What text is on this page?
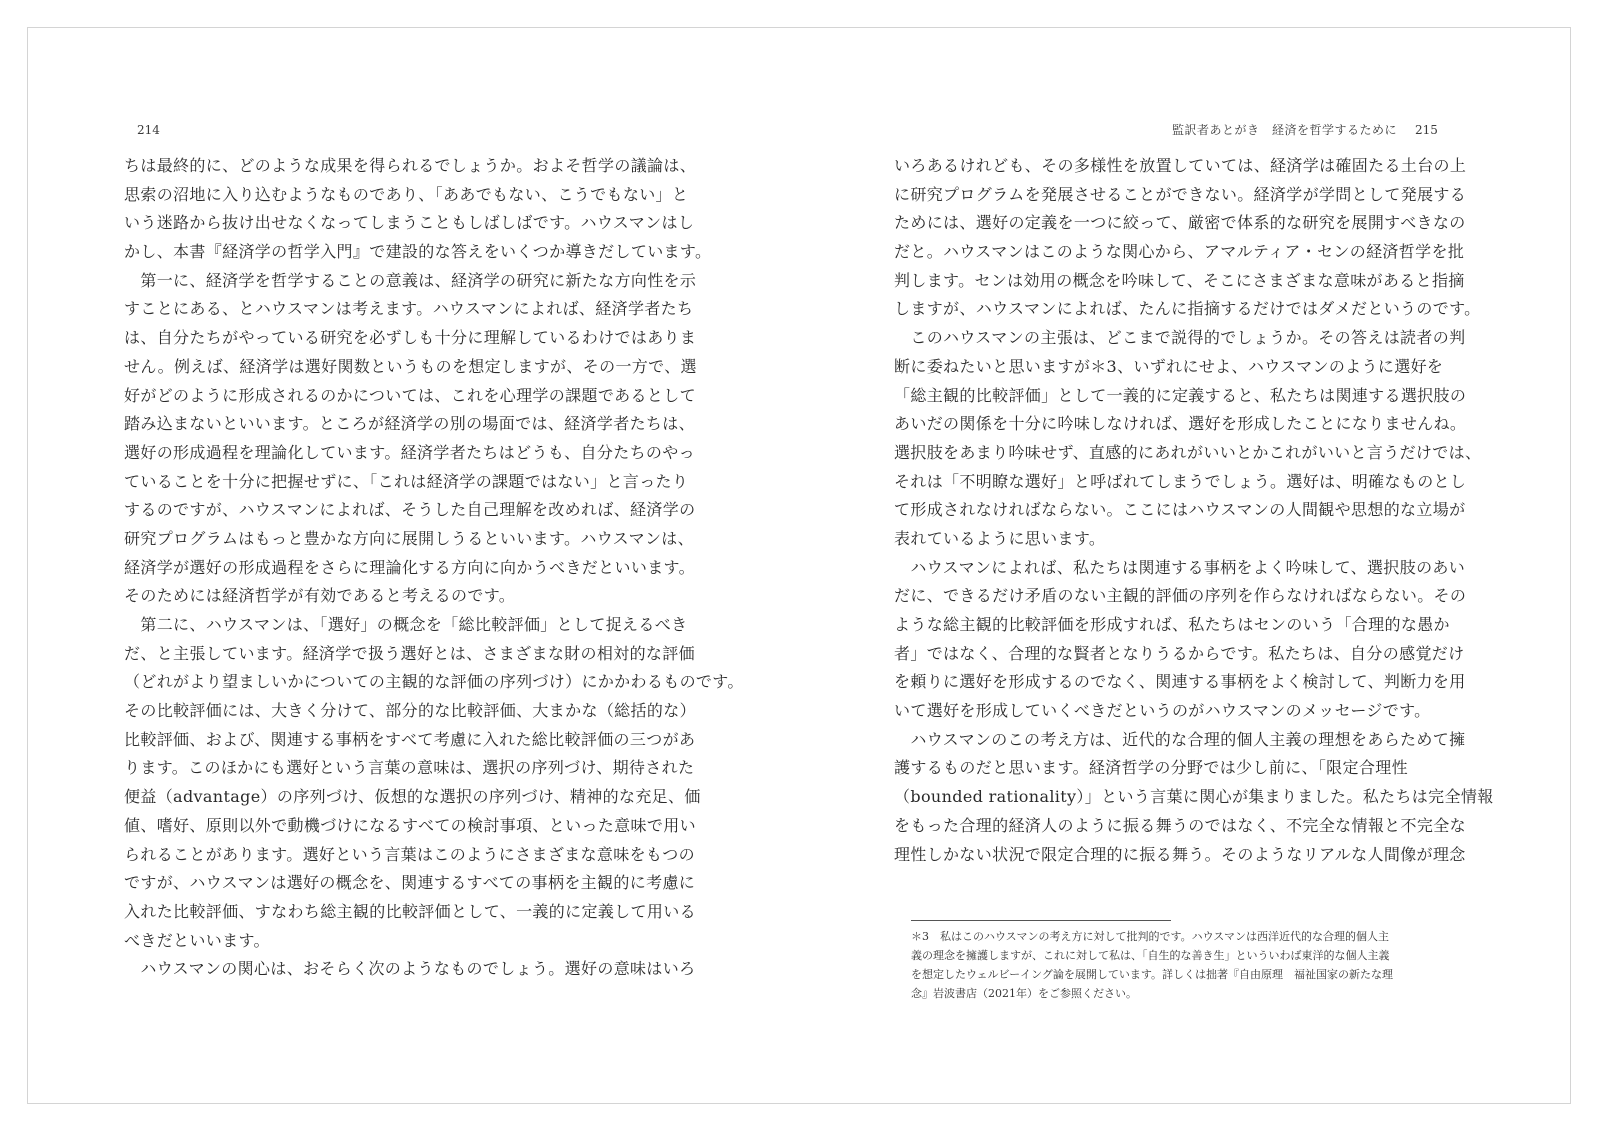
214	監訳者あとがき　経済を哲学するために 215
ちは最終的に、どのような成果を得られるでしょうか。およそ哲学の議論は、
思索の沼地に入り込むようなものであり、「ああでもない、こうでもない」と
いう迷路から抜け出せなくなってしまうこともしばしばです。ハウスマンはし
かし、本書『経済学の哲学入門』で建設的な答えをいくつか導きだしています。
　第一に、経済学を哲学することの意義は、経済学の研究に新たな方向性を示
すことにある、とハウスマンは考えます。ハウスマンによれば、経済学者たち
は、自分たちがやっている研究を必ずしも十分に理解しているわけではありま
せん。例えば、経済学は選好関数というものを想定しますが、その一方で、選
好がどのように形成されるのかについては、これを心理学の課題であるとして
踏み込まないといいます。ところが経済学の別の場面では、経済学者たちは、
選好の形成過程を理論化しています。経済学者たちはどうも、自分たちのやっ
ていることを十分に把握せずに、「これは経済学の課題ではない」と言ったり
するのですが、ハウスマンによれば、そうした自己理解を改めれば、経済学の
研究プログラムはもっと豊かな方向に展開しうるといいます。ハウスマンは、
経済学が選好の形成過程をさらに理論化する方向に向かうべきだといいます。
そのためには経済哲学が有効であると考えるのです。
　第二に、ハウスマンは、「選好」の概念を「総比較評価」として捉えるべき
だ、と主張しています。経済学で扱う選好とは、さまざまな財の相対的な評価
（どれがより望ましいかについての主観的な評価の序列づけ）にかかわるものです。
その比較評価には、大きく分けて、部分的な比較評価、大まかな（総括的な）
比較評価、および、関連する事柄をすべて考慮に入れた総比較評価の三つがあ
ります。このほかにも選好という言葉の意味は、選択の序列づけ、期待された
便益（advantage）の序列づけ、仮想的な選択の序列づけ、精神的な充足、価
値、嗜好、原則以外で動機づけになるすべての検討事項、といった意味で用い
られることがあります。選好という言葉はこのようにさまざまな意味をもつの
ですが、ハウスマンは選好の概念を、関連するすべての事柄を主観的に考慮に
入れた比較評価、すなわち総主観的比較評価として、一義的に定義して用いる
べきだといいます。
　ハウスマンの関心は、おそらく次のようなものでしょう。選好の意味はいろ
いろあるけれども、その多様性を放置していては、経済学は確固たる土台の上
に研究プログラムを発展させることができない。経済学が学問として発展する
ためには、選好の定義を一つに絞って、厳密で体系的な研究を展開すべきなの
だと。ハウスマンはこのような関心から、アマルティア・センの経済哲学を批
判します。センは効用の概念を吟味して、そこにさまざまな意味があると指摘
しますが、ハウスマンによれば、たんに指摘するだけではダメだというのです。
　このハウスマンの主張は、どこまで説得的でしょうか。その答えは読者の判
断に委ねたいと思いますが＊3、いずれにせよ、ハウスマンのように選好を
「総主観的比較評価」として一義的に定義すると、私たちは関連する選択肢の
あいだの関係を十分に吟味しなければ、選好を形成したことになりませんね。
選択肢をあまり吟味せず、直感的にあれがいいとかこれがいいと言うだけでは、
それは「不明瞭な選好」と呼ばれてしまうでしょう。選好は、明確なものとし
て形成されなければならない。ここにはハウスマンの人間観や思想的な立場が
表れているように思います。
　ハウスマンによれば、私たちは関連する事柄をよく吟味して、選択肢のあい
だに、できるだけ矛盾のない主観的評価の序列を作らなければならない。その
ような総主観的比較評価を形成すれば、私たちはセンのいう「合理的な愚か
者」ではなく、合理的な賢者となりうるからです。私たちは、自分の感覚だけ
を頼りに選好を形成するのでなく、関連する事柄をよく検討して、判断力を用
いて選好を形成していくべきだというのがハウスマンのメッセージです。
　ハウスマンのこの考え方は、近代的な合理的個人主義の理想をあらためて擁
護するものだと思います。経済哲学の分野では少し前に、「限定合理性
（bounded rationality）」という言葉に関心が集まりました。私たちは完全情報
をもった合理的経済人のように振る舞うのではなく、不完全な情報と不完全な
理性しかない状況で限定合理的に振る舞う。そのようなリアルな人間像が理念
＊3　私はこのハウスマンの考え方に対して批判的です。ハウスマンは西洋近代的な合理的個人主
義の理念を擁護しますが、これに対して私は、「自生的な善き生」といういわば東洋的な個人主義
を想定したウェルビーイング論を展開しています。詳しくは拙著『自由原理　福祉国家の新たな理
念』岩波書店（2021年）をご参照ください。
